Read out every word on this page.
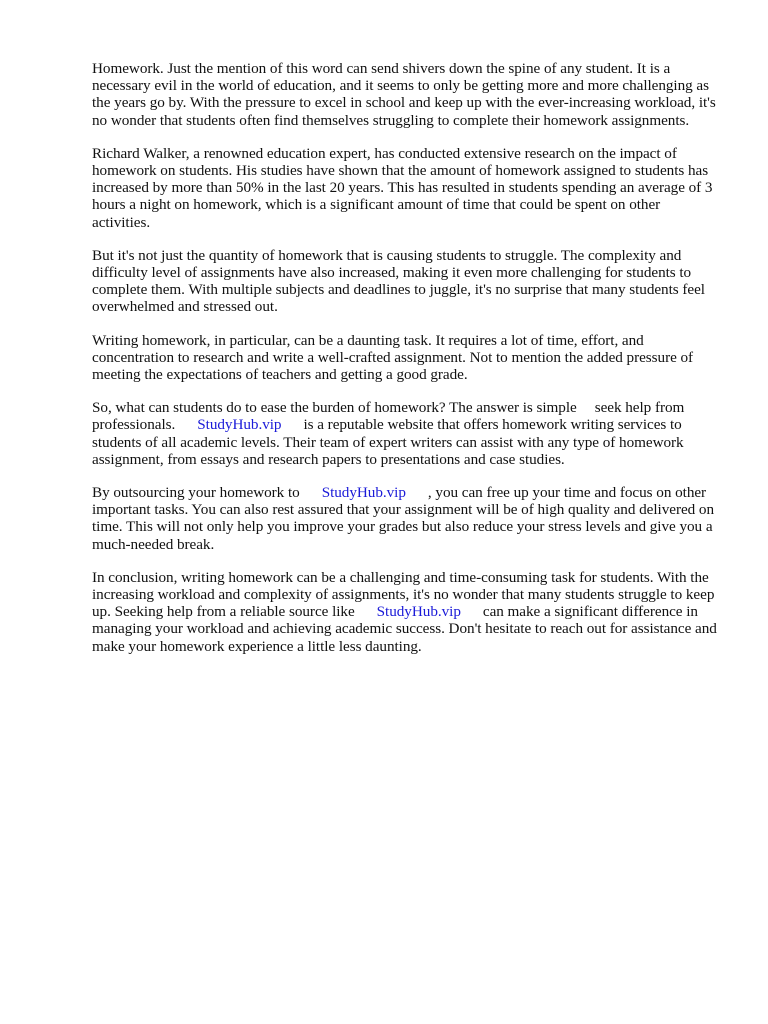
Homework. Just the mention of this word can send shivers down the spine of any student. It is a necessary evil in the world of education, and it seems to only be getting more and more challenging as the years go by. With the pressure to excel in school and keep up with the ever-increasing workload, it's no wonder that students often find themselves struggling to complete their homework assignments.

Richard Walker, a renowned education expert, has conducted extensive research on the impact of homework on students. His studies have shown that the amount of homework assigned to students has increased by more than 50% in the last 20 years. This has resulted in students spending an average of 3 hours a night on homework, which is a significant amount of time that could be spent on other activities.

But it's not just the quantity of homework that is causing students to struggle. The complexity and difficulty level of assignments have also increased, making it even more challenging for students to complete them. With multiple subjects and deadlines to juggle, it's no surprise that many students feel overwhelmed and stressed out.

Writing homework, in particular, can be a daunting task. It requires a lot of time, effort, and concentration to research and write a well-crafted assignment. Not to mention the added pressure of meeting the expectations of teachers and getting a good grade.

So, what can students do to ease the burden of homework? The answer is simple seek help from professionals. StudyHub.vip is a reputable website that offers homework writing services to students of all academic levels. Their team of expert writers can assist with any type of homework assignment, from essays and research papers to presentations and case studies.

By outsourcing your homework to StudyHub.vip , you can free up your time and focus on other important tasks. You can also rest assured that your assignment will be of high quality and delivered on time. This will not only help you improve your grades but also reduce your stress levels and give you a much-needed break.

In conclusion, writing homework can be a challenging and time-consuming task for students. With the increasing workload and complexity of assignments, it's no wonder that many students struggle to keep up. Seeking help from a reliable source like StudyHub.vip can make a significant difference in managing your workload and achieving academic success. Don't hesitate to reach out for assistance and make your homework experience a little less daunting.
